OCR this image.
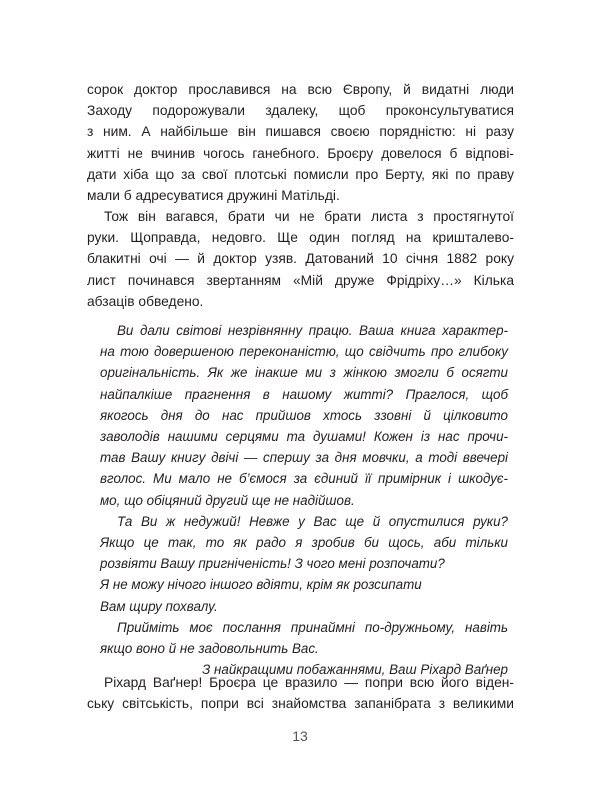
сорок доктор прославився на всю Європу, й видатні люди

Заходу подорожували здалеку, щоб проконсультуватися

з ним. А найбільше він пишався своєю порядністю: ні разу

житті не вчинив чогось ганебного. Броєру довелося б відпові-

дати хіба що за свої плотські помисли про Берту, які по праву

мали б адресуватися дружині Матільді.

Тож він вагався, брати чи не брати листа з простягнутої

руки. Щоправда, недовго. Ще один погляд на кришталево-

блакитні очі — й доктор узяв. Датований 10 січня 1882 року

лист починався звертанням «Мій друже Фрідріху…» Кілька

абзаців обведено.

Ви дали світові незрівнянну працю. Ваша книга характер-

на тою довершеною переконаністю, що свідчить про глибоку

оригінальність. Як же інакше ми з жінкою змогли б осягти

найпалкіше прагнення в нашому житті? Праглося, щоб

якогось дня до нас прийшов хтось ззовні й цілковито

заволодів нашими серцями та душами! Кожен із нас прочи-

тав Вашу книгу двічі — спершу за дня мовчки, а тоді ввечері

вголос. Ми мало не б’ємося за єдиний її примірник і шкодує-

мо, що обіцяний другий ще не надійшов.

Та Ви ж недужий! Невже у Вас ще й опустилися руки?

Якщо це так, то як радо я зробив би щось, аби тільки

розвіяти Вашу пригніченість! З чого мені розпочати?

Я не можу нічого іншого вдіяти, крім як розсипати

Вам щиру похвалу.

Прийміть моє послання принаймні по-дружньому, навіть

якщо воно й не задовольнить Вас.

З найкращими побажаннями, Ваш Ріхард Ваґнер

Ріхард Ваґнер! Броєра це вразило — попри всю його віден-

ську світськість, попри всі знайомства запанібрата з великими

13
